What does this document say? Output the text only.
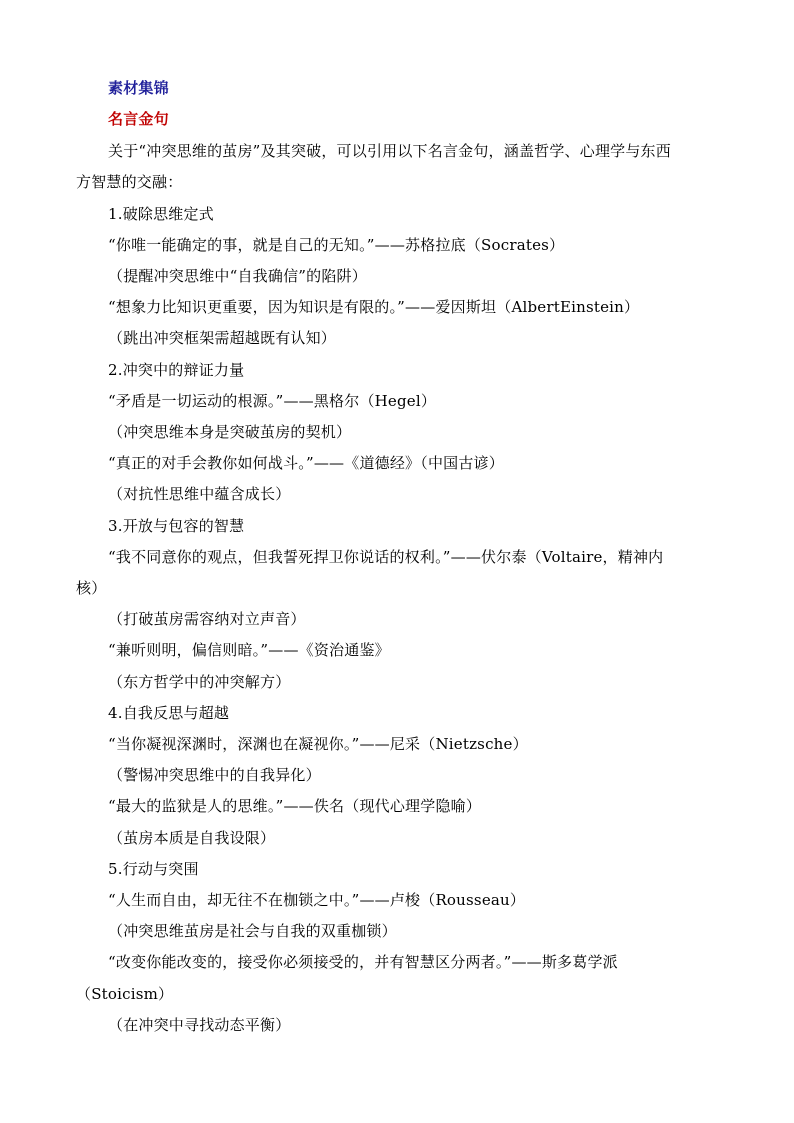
素材集锦
名言金句
关于“冲突思维的茧房”及其突破，可以引用以下名言金句，涵盖哲学、心理学与东西
方智慧的交融：
1.破除思维定式
“你唯一能确定的事，就是自己的无知。”——苏格拉底（Socrates）
（提醒冲突思维中“自我确信”的陷阱）
“想象力比知识更重要，因为知识是有限的。”——爱因斯坦（AlbertEinstein）
（跳出冲突框架需超越既有认知）
2.冲突中的辩证力量
“矛盾是一切运动的根源。”——黑格尔（Hegel）
（冲突思维本身是突破茧房的契机）
“真正的对手会教你如何战斗。”——《道德经》（中国古谚）
（对抗性思维中蕴含成长）
3.开放与包容的智慧
“我不同意你的观点，但我誓死捍卫你说话的权利。”——伏尔泰（Voltaire，精神内
核）
（打破茧房需容纳对立声音）
“兼听则明，偏信则暗。”——《资治通鉴》
（东方哲学中的冲突解方）
4.自我反思与超越
“当你凝视深渊时，深渊也在凝视你。”——尼采（Nietzsche）
（警惕冲突思维中的自我异化）
“最大的监狱是人的思维。”——佚名（现代心理学隐喻）
（茧房本质是自我设限）
5.行动与突围
“人生而自由，却无往不在枷锁之中。”——卢梭（Rousseau）
（冲突思维茧房是社会与自我的双重枷锁）
“改变你能改变的，接受你必须接受的，并有智慧区分两者。”——斯多葛学派
（Stoicism）
（在冲突中寻找动态平衡）
